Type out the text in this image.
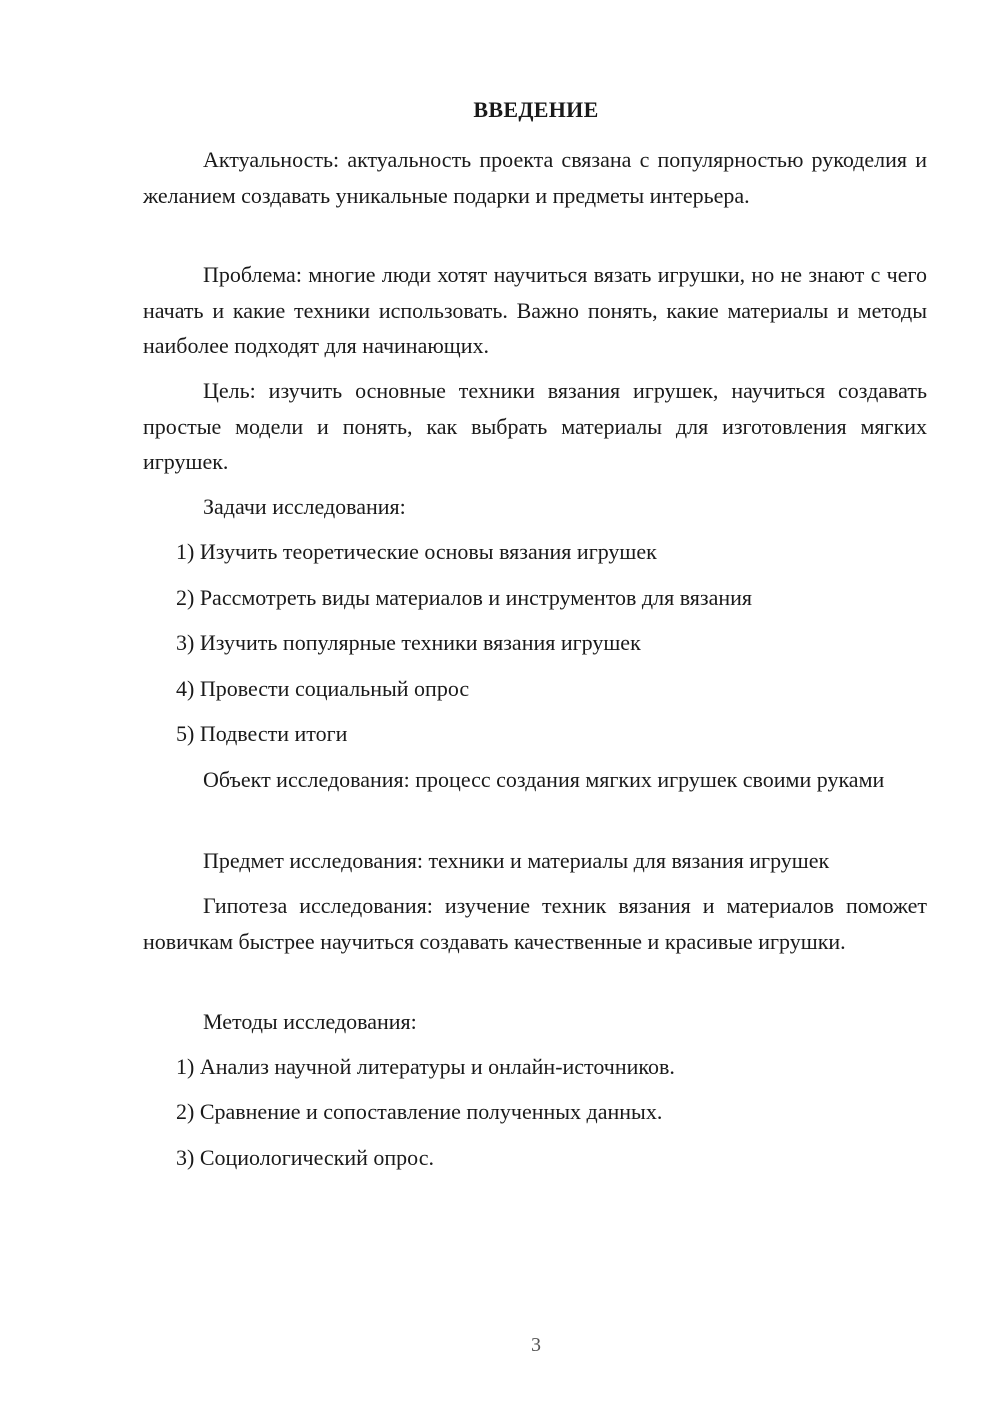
ВВЕДЕНИЕ
Актуальность: актуальность проекта связана с популярностью рукоделия и желанием создавать уникальные подарки и предметы интерьера.
Проблема: многие люди хотят научиться вязать игрушки, но не знают с чего начать и какие техники использовать. Важно понять, какие материалы и методы наиболее подходят для начинающих.
Цель: изучить основные техники вязания игрушек, научиться создавать простые модели и понять, как выбрать материалы для изготовления мягких игрушек.
Задачи исследования:
1) Изучить теоретические основы вязания игрушек
2) Рассмотреть виды материалов и инструментов для вязания
3) Изучить популярные техники вязания игрушек
4) Провести социальный опрос
5) Подвести итоги
Объект исследования: процесс создания мягких игрушек своими руками
Предмет исследования: техники и материалы для вязания игрушек
Гипотеза исследования: изучение техник вязания и материалов поможет новичкам быстрее научиться создавать качественные и красивые игрушки.
Методы исследования:
1) Анализ научной литературы и онлайн-источников.
2) Сравнение и сопоставление полученных данных.
3) Социологический опрос.
3
